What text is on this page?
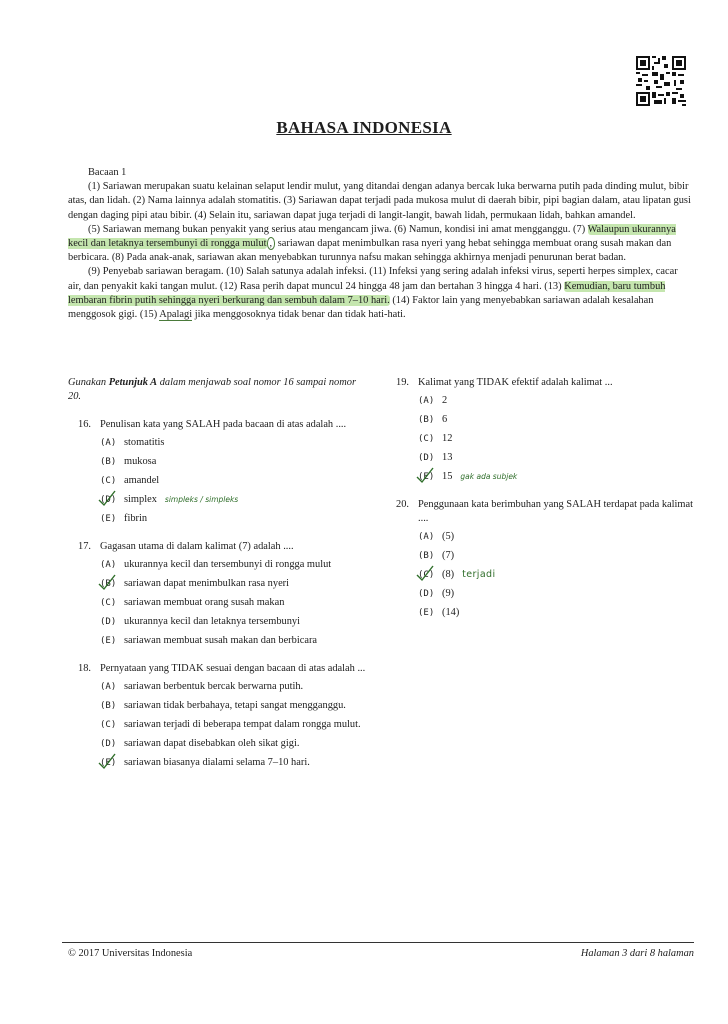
BAHASA INDONESIA

Bacaan 1

(1) Sariawan merupakan suatu kelainan selaput lendir mulut, yang ditandai dengan adanya bercak luka berwarna putih pada dinding mulut, bibir atas, dan lidah. (2) Nama lainnya adalah stomatitis. (3) Sariawan dapat terjadi pada mukosa mulut di daerah bibir, pipi bagian dalam, atau lipatan gusi dengan daging pipi atau bibir. (4) Selain itu, sariawan dapat juga terjadi di langit-langit, bawah lidah, permukaan lidah, bahkan amandel.

(5) Sariawan memang bukan penyakit yang serius atau mengancam jiwa. (6) Namun, kondisi ini amat mengganggu. (7) Walaupun ukurannya kecil dan letaknya tersembunyi di rongga mulut , sariawan dapat menimbulkan rasa nyeri yang hebat sehingga membuat orang susah makan dan berbicara. (8) Pada anak-anak, sariawan akan menyebabkan turunnya nafsu makan sehingga akhirnya menjadi penurunan berat badan.

(9) Penyebab sariawan beragam. (10) Salah satunya adalah infeksi. (11) Infeksi yang sering adalah infeksi virus, seperti herpes simplex, cacar air, dan penyakit kaki tangan mulut. (12) Rasa perih dapat muncul 24 hingga 48 jam dan bertahan 3 hingga 4 hari. (13) Kemudian, baru tumbuh lembaran fibrin putih sehingga nyeri berkurang dan sembuh dalam 7–10 hari. (14) Faktor lain yang menyebabkan sariawan adalah kesalahan menggosok gigi. (15) Apalagi jika menggosoknya tidak benar dan tidak hati-hati.

Gunakan Petunjuk A dalam menjawab soal nomor 16 sampai nomor 20.
16. Penulisan kata yang SALAH pada bacaan di atas adalah ....
(A) stomatitis
(B) mukosa
(C) amandel
(D) simplex simpleks / simpleks
(E) fibrin
17. Gagasan utama di dalam kalimat (7) adalah ....
(A) ukurannya kecil dan tersembunyi di rongga mulut
(B) sariawan dapat menimbulkan rasa nyeri
(C) sariawan membuat orang susah makan
(D) ukurannya kecil dan letaknya tersembunyi
(E) sariawan membuat susah makan dan berbicara
18. Pernyataan yang TIDAK sesuai dengan bacaan di atas adalah ...
(A) sariawan berbentuk bercak berwarna putih.
(B) sariawan tidak berbahaya, tetapi sangat mengganggu.
(C) sariawan terjadi di beberapa tempat dalam rongga mulut.
(D) sariawan dapat disebabkan oleh sikat gigi.
(E) sariawan biasanya dialami selama 7–10 hari.
19. Kalimat yang TIDAK efektif adalah kalimat ...
(A) 2
(B) 6
(C) 12
(D) 13
(E) 15 gak ada subjek
20. Penggunaan kata berimbuhan yang SALAH terdapat pada kalimat ....
(A) (5)
(B) (7)
(C) (8) terjadi
(D) (9)
(E) (14)
© 2017 Universitas Indonesia	Halaman 3 dari 8 halaman
